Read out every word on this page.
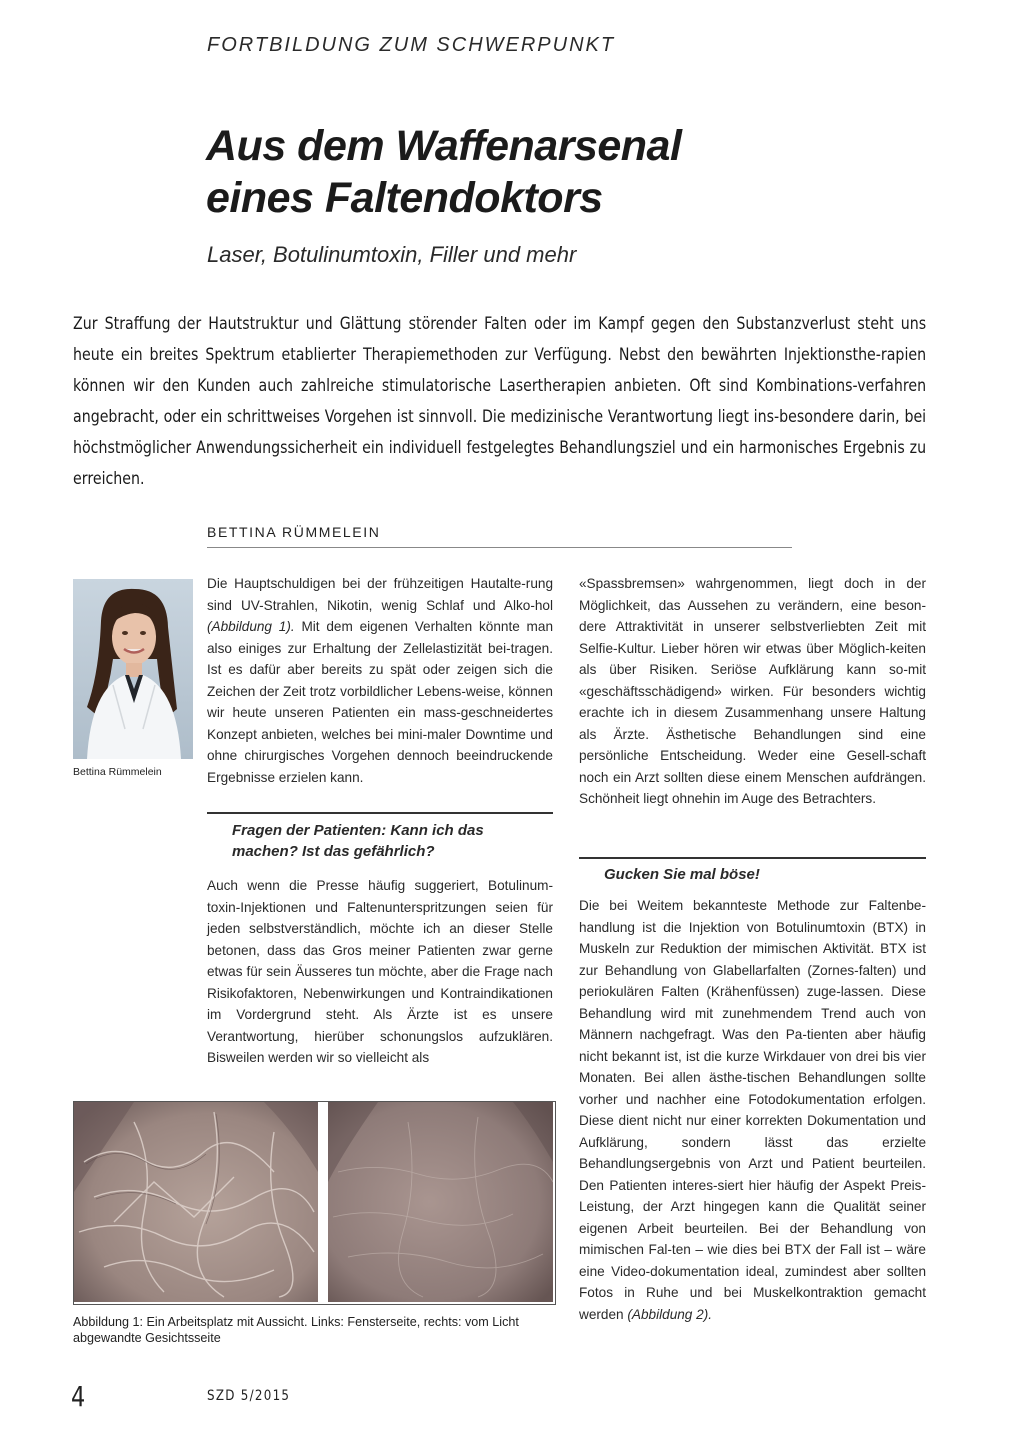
FORTBILDUNG ZUM SCHWERPUNKT
Aus dem Waffenarsenal
eines Faltendoktors
Laser, Botulinumtoxin, Filler und mehr
Zur Straffung der Hautstruktur und Glättung störender Falten oder im Kampf gegen den Substanzverlust steht uns heute ein breites Spektrum etablierter Therapiemethoden zur Verfügung. Nebst den bewährten Injektionsthe-rapien können wir den Kunden auch zahlreiche stimulatorische Lasertherapien anbieten. Oft sind Kombinations-verfahren angebracht, oder ein schrittweises Vorgehen ist sinnvoll. Die medizinische Verantwortung liegt ins-besondere darin, bei höchstmöglicher Anwendungssicherheit ein individuell festgelegtes Behandlungsziel und ein harmonisches Ergebnis zu erreichen.
BETTINA RÜMMELEIN
Bettina Rümmelein

Die Hauptschuldigen bei der frühzeitigen Hautalte-rung sind UV-Strahlen, Nikotin, wenig Schlaf und Alko-hol (Abbildung 1). Mit dem eigenen Verhalten könnte man also einiges zur Erhaltung der Zellelastizität bei-tragen. Ist es dafür aber bereits zu spät oder zeigen sich die Zeichen der Zeit trotz vorbildlicher Lebens-weise, können wir heute unseren Patienten ein mass-geschneidertes Konzept anbieten, welches bei mini-maler Downtime und ohne chirurgisches Vorgehen dennoch beeindruckende Ergebnisse erzielen kann.

Fragen der Patienten: Kann ich das machen? Ist das gefährlich?
Auch wenn die Presse häufig suggeriert, Botulinum-toxin-Injektionen und Faltenunterspritzungen seien für jeden selbstverständlich, möchte ich an dieser Stelle betonen, dass das Gros meiner Patienten zwar gerne etwas für sein Äusseres tun möchte, aber die Frage nach Risikofaktoren, Nebenwirkungen und Kontraindikationen im Vordergrund steht. Als Ärzte ist es unsere Verantwortung, hierüber schonungslos aufzuklären. Bisweilen werden wir so vielleicht als
«Spassbremsen» wahrgenommen, liegt doch in der Möglichkeit, das Aussehen zu verändern, eine beson-dere Attraktivität in unserer selbstverliebten Zeit mit Selfie-Kultur. Lieber hören wir etwas über Möglich-keiten als über Risiken. Seriöse Aufklärung kann so-mit «geschäftsschädigend» wirken. Für besonders wichtig erachte ich in diesem Zusammenhang unsere Haltung als Ärzte. Ästhetische Behandlungen sind eine persönliche Entscheidung. Weder eine Gesell-schaft noch ein Arzt sollten diese einem Menschen aufdrängen. Schönheit liegt ohnehin im Auge des Betrachters.
Gucken Sie mal böse!

Die bei Weitem bekannteste Methode zur Faltenbe-handlung ist die Injektion von Botulinumtoxin (BTX) in Muskeln zur Reduktion der mimischen Aktivität. BTX ist zur Behandlung von Glabellarfalten (Zornes-falten) und periokulären Falten (Krähenfüssen) zuge-lassen. Diese Behandlung wird mit zunehmendem Trend auch von Männern nachgefragt. Was den Pa-tienten aber häufig nicht bekannt ist, ist die kurze Wirkdauer von drei bis vier Monaten. Bei allen ästhe-tischen Behandlungen sollte vorher und nachher eine Fotodokumentation erfolgen. Diese dient nicht nur einer korrekten Dokumentation und Aufklärung, sondern lässt das erzielte Behandlungsergebnis von Arzt und Patient beurteilen. Den Patienten interes-siert hier häufig der Aspekt Preis-Leistung, der Arzt hingegen kann die Qualität seiner eigenen Arbeit beurteilen. Bei der Behandlung von mimischen Fal-ten – wie dies bei BTX der Fall ist – wäre eine Video-dokumentation ideal, zumindest aber sollten Fotos in Ruhe und bei Muskelkontraktion gemacht werden (Abbildung 2).

Abbildung 1: Ein Arbeitsplatz mit Aussicht. Links: Fensterseite, rechts: vom Licht abgewandte Gesichtsseite
4	SZD 5/2015
